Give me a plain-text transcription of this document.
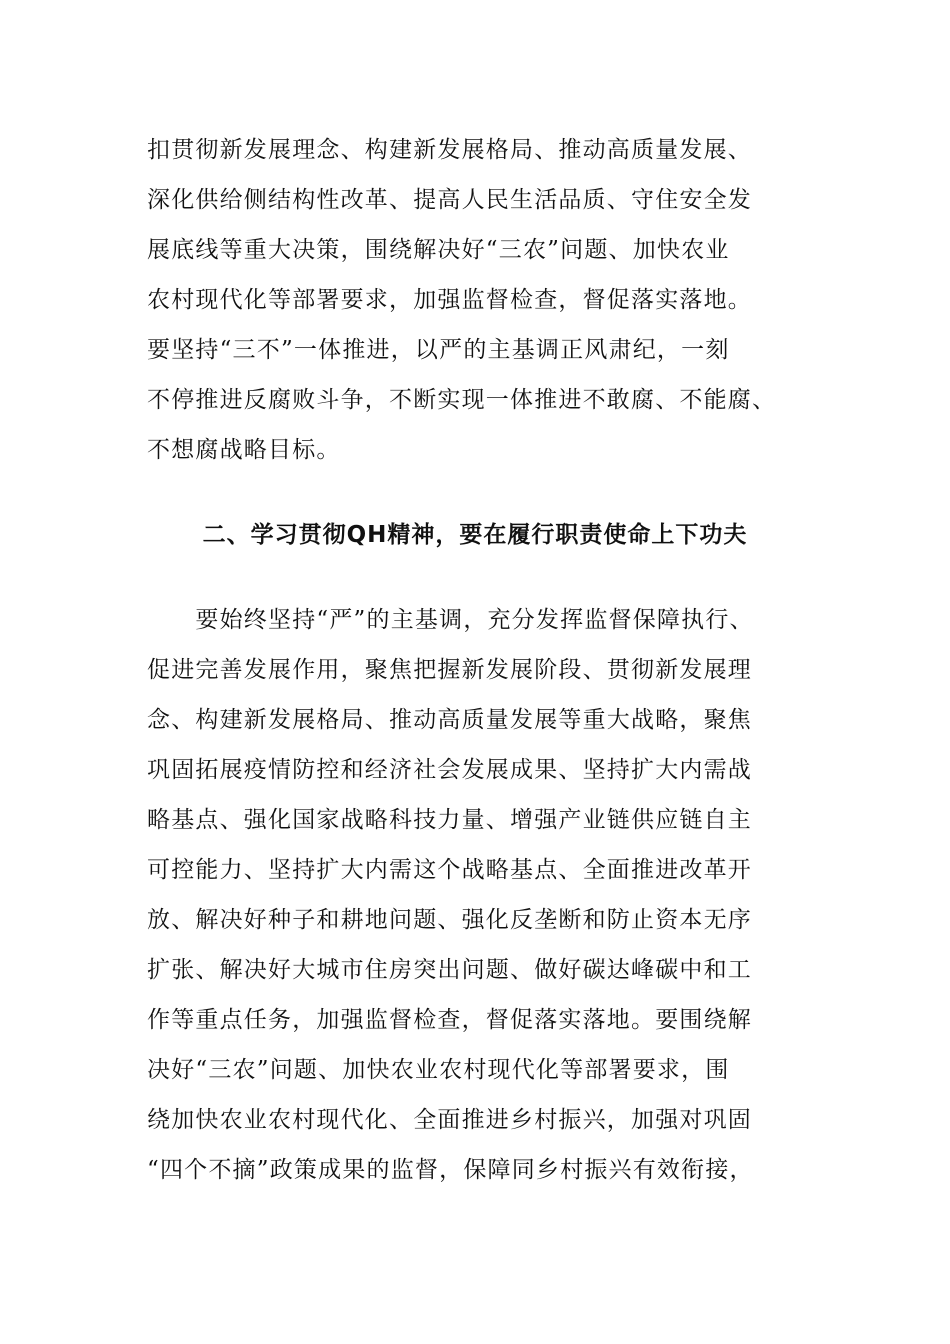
扣贯彻新发展理念、构建新发展格局、推动高质量发展、
深化供给侧结构性改革、提高人民生活品质、守住安全发
展底线等重大决策，围绕解决好“三农”问题、加快农业
农村现代化等部署要求，加强监督检查，督促落实落地。
要坚持“三不”一体推进，以严的主基调正风肃纪，一刻
不停推进反腐败斗争，不断实现一体推进不敢腐、不能腐、
不想腐战略目标。
二、学习贯彻QH精神，要在履行职责使命上下功夫
　　要始终坚持“严”的主基调，充分发挥监督保障执行、
促进完善发展作用，聚焦把握新发展阶段、贯彻新发展理
念、构建新发展格局、推动高质量发展等重大战略，聚焦
巩固拓展疫情防控和经济社会发展成果、坚持扩大内需战
略基点、强化国家战略科技力量、增强产业链供应链自主
可控能力、坚持扩大内需这个战略基点、全面推进改革开
放、解决好种子和耕地问题、强化反垄断和防止资本无序
扩张、解决好大城市住房突出问题、做好碳达峰碳中和工
作等重点任务，加强监督检查，督促落实落地。要围绕解
决好“三农”问题、加快农业农村现代化等部署要求，围
绕加快农业农村现代化、全面推进乡村振兴，加强对巩固
“四个不摘”政策成果的监督，保障同乡村振兴有效衔接，
